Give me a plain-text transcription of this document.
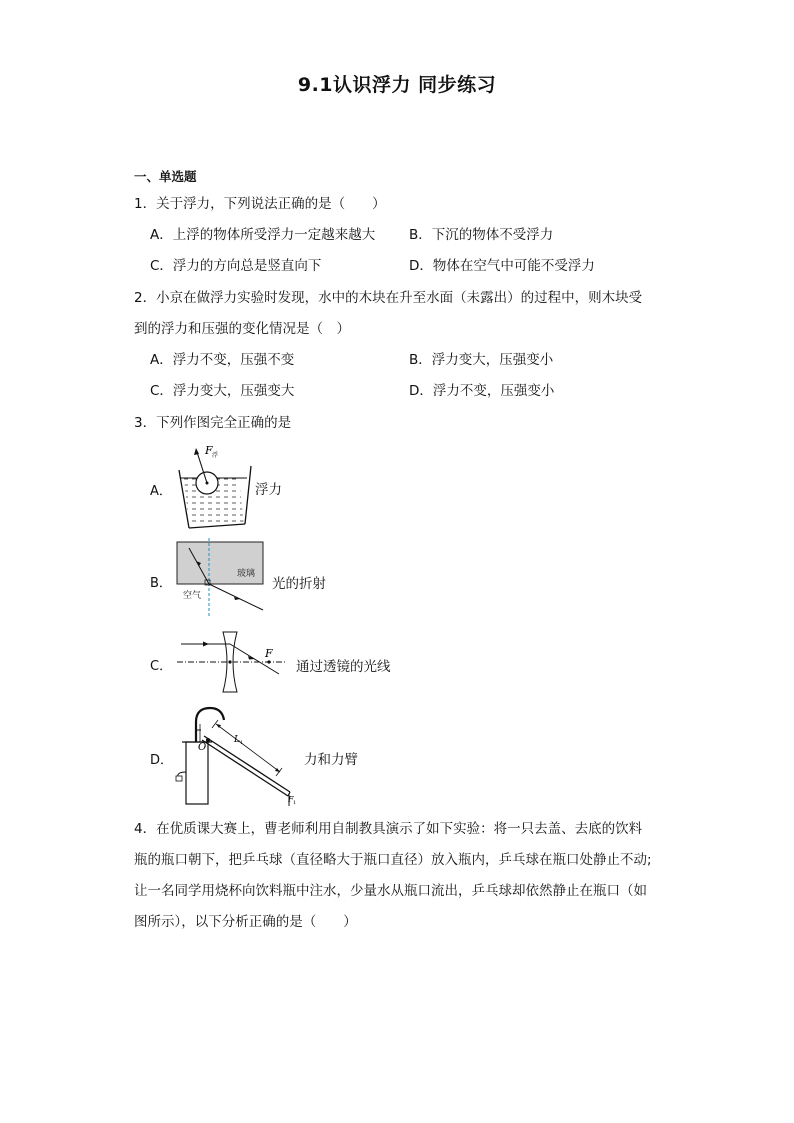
9.1认识浮力 同步练习
一、单选题
1．关于浮力，下列说法正确的是（　　）
A．上浮的物体所受浮力一定越来越大	B．下沉的物体不受浮力
C．浮力的方向总是竖直向下	D．物体在空气中可能不受浮力
2．小京在做浮力实验时发现，水中的木块在升至水面（未露出）的过程中，则木块受
到的浮力和压强的变化情况是（　）
A．浮力不变，压强不变	B．浮力变大，压强变小
C．浮力变大，压强变大	D．浮力不变，压强变小
3．下列作图完全正确的是
A．
F 浮
浮力
B．
玻璃
空气
光的折射
C．
F
通过透镜的光线
D．
O
L 1
力和力臂
F 1
4．在优质课大赛上，曹老师利用自制教具演示了如下实验：将一只去盖、去底的饮料
瓶的瓶口朝下，把乒乓球（直径略大于瓶口直径）放入瓶内，乒乓球在瓶口处静止不动;
让一名同学用烧杯向饮料瓶中注水，少量水从瓶口流出，乒乓球却依然静止在瓶口（如
图所示），以下分析正确的是（　　）
